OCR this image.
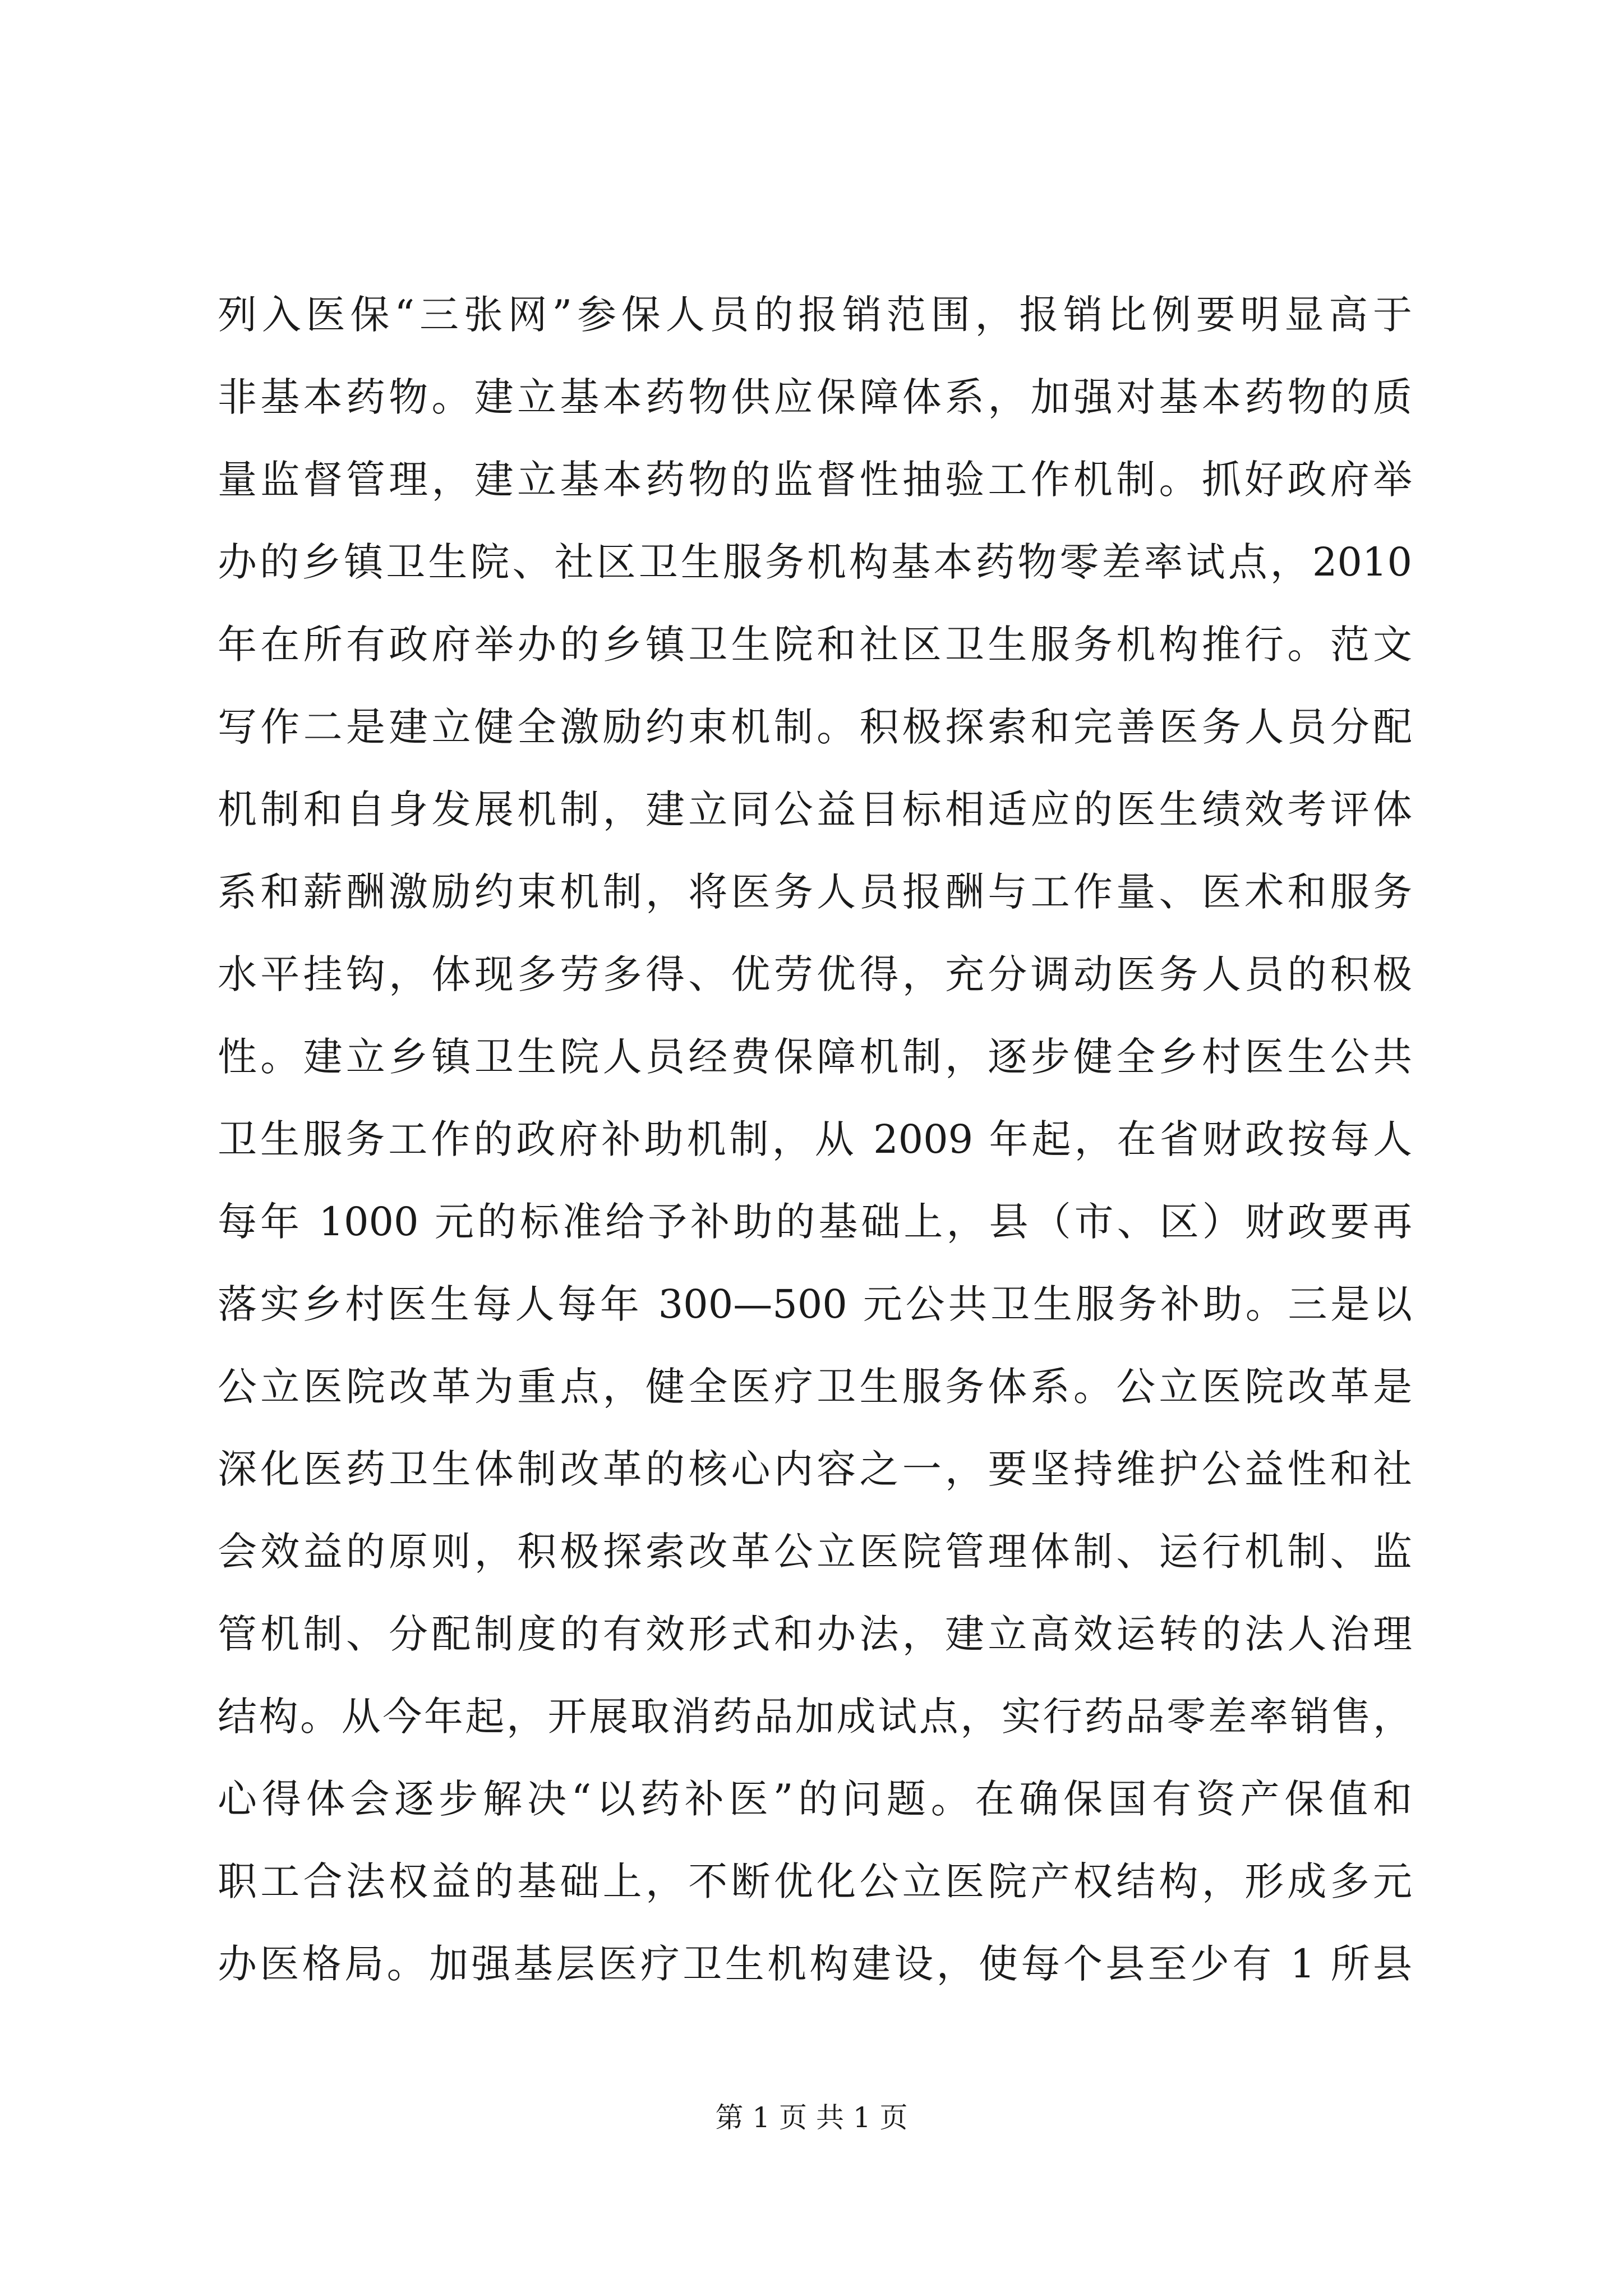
列入医保“三张网”参保人员的报销范围，报销比例要明显高于
非基本药物。建立基本药物供应保障体系，加强对基本药物的质
量监督管理，建立基本药物的监督性抽验工作机制。抓好政府举
办的乡镇卫生院、社区卫生服务机构基本药物零差率试点，2010
年在所有政府举办的乡镇卫生院和社区卫生服务机构推行。范文
写作二是建立健全激励约束机制。积极探索和完善医务人员分配
机制和自身发展机制，建立同公益目标相适应的医生绩效考评体
系和薪酬激励约束机制，将医务人员报酬与工作量、医术和服务
水平挂钩，体现多劳多得、优劳优得，充分调动医务人员的积极
性。建立乡镇卫生院人员经费保障机制，逐步健全乡村医生公共
卫生服务工作的政府补助机制，从 2009 年起，在省财政按每人
每年 1000 元的标准给予补助的基础上，县（市、区）财政要再
落实乡村医生每人每年 300—500 元公共卫生服务补助。三是以
公立医院改革为重点，健全医疗卫生服务体系。公立医院改革是
深化医药卫生体制改革的核心内容之一，要坚持维护公益性和社
会效益的原则，积极探索改革公立医院管理体制、运行机制、监
管机制、分配制度的有效形式和办法，建立高效运转的法人治理
结构。从今年起，开展取消药品加成试点，实行药品零差率销售，
心得体会逐步解决“以药补医”的问题。在确保国有资产保值和
职工合法权益的基础上，不断优化公立医院产权结构，形成多元
办医格局。加强基层医疗卫生机构建设，使每个县至少有 1 所县
第 1 页 共 1 页
